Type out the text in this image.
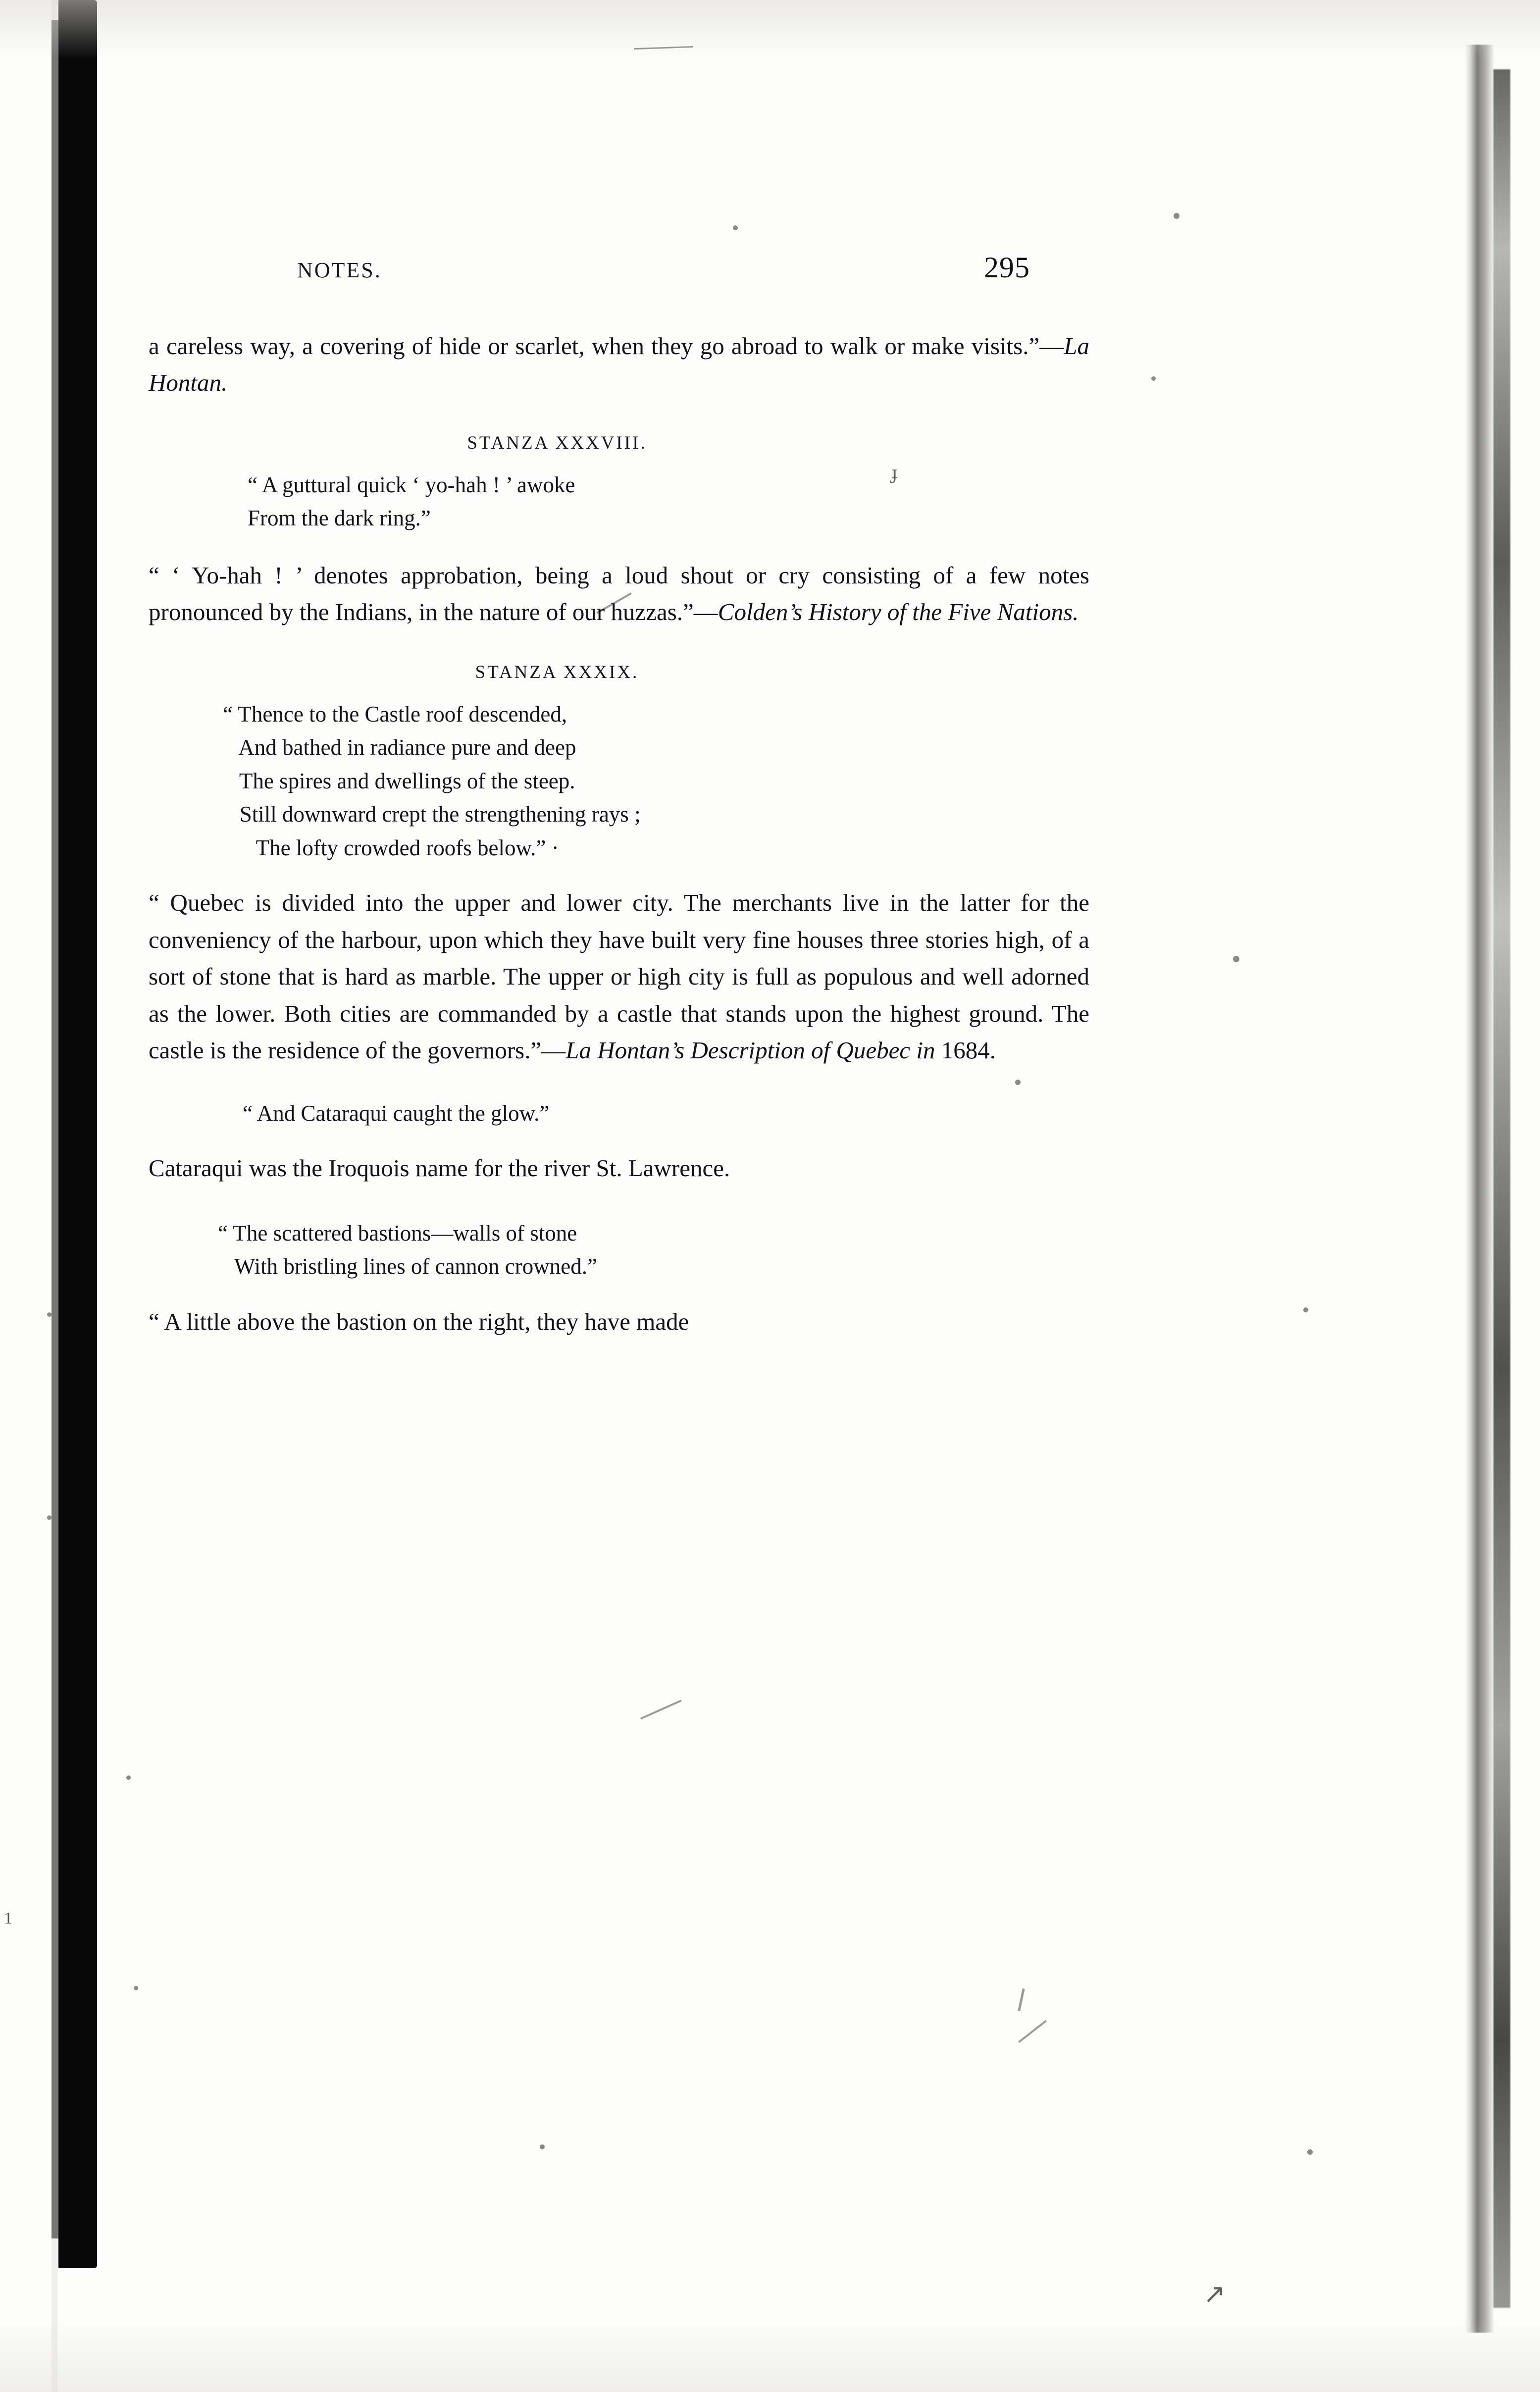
1
ɟ
↗
NOTES.	295

a careless way, a covering of hide or scarlet, when they go abroad to walk or make visits.”—La Hontan.

STANZA XXXVIII.
“ A guttural quick ‘ yo-hah ! ’ awoke
From the dark ring.”

“ ‘ Yo-hah ! ’ denotes approbation, being a loud shout or cry consisting of a few notes pronounced by the Indians, in the nature of our huzzas.”—Colden’s History of the Five Nations.

STANZA XXXIX.
“ Thence to the Castle roof descended,
And bathed in radiance pure and deep
The spires and dwellings of the steep.
Still downward crept the strengthening rays ;
The lofty crowded roofs below.” ·

“ Quebec is divided into the upper and lower city. The merchants live in the latter for the conveniency of the harbour, upon which they have built very fine houses three stories high, of a sort of stone that is hard as marble. The upper or high city is full as populous and well adorned as the lower. Both cities are commanded by a castle that stands upon the highest ground. The castle is the residence of the governors.”—La Hontan’s Description of Quebec in 1684.

“ And Cataraqui caught the glow.”

Cataraqui was the Iroquois name for the river St. Lawrence.

“ The scattered bastions—walls of stone
With bristling lines of cannon crowned.”

“ A little above the bastion on the right, they have made
